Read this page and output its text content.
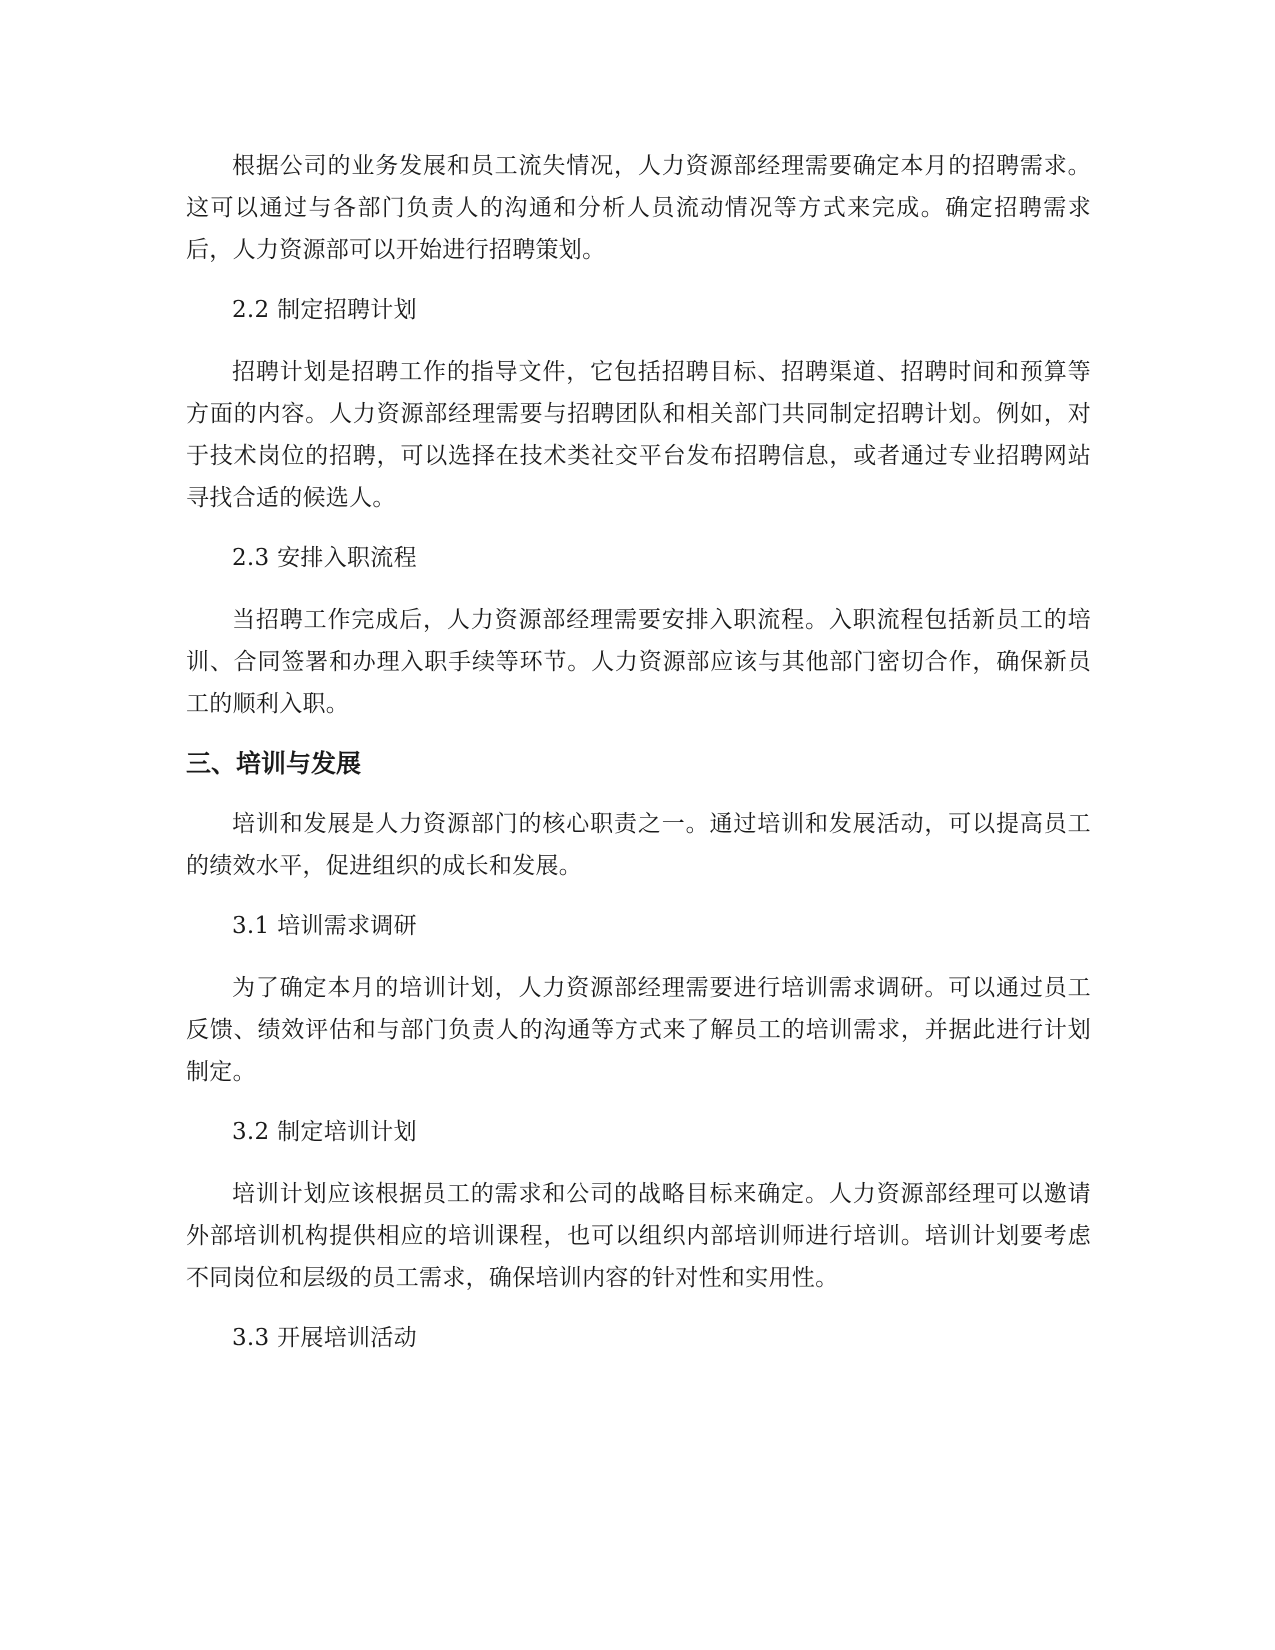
根据公司的业务发展和员工流失情况，人力资源部经理需要确定本月的招聘需求。这可以通过与各部门负责人的沟通和分析人员流动情况等方式来完成。确定招聘需求后，人力资源部可以开始进行招聘策划。

2.2 制定招聘计划

招聘计划是招聘工作的指导文件，它包括招聘目标、招聘渠道、招聘时间和预算等方面的内容。人力资源部经理需要与招聘团队和相关部门共同制定招聘计划。例如，对于技术岗位的招聘，可以选择在技术类社交平台发布招聘信息，或者通过专业招聘网站寻找合适的候选人。

2.3 安排入职流程

当招聘工作完成后，人力资源部经理需要安排入职流程。入职流程包括新员工的培训、合同签署和办理入职手续等环节。人力资源部应该与其他部门密切合作，确保新员工的顺利入职。

三、培训与发展

培训和发展是人力资源部门的核心职责之一。通过培训和发展活动，可以提高员工的绩效水平，促进组织的成长和发展。

3.1 培训需求调研

为了确定本月的培训计划，人力资源部经理需要进行培训需求调研。可以通过员工反馈、绩效评估和与部门负责人的沟通等方式来了解员工的培训需求，并据此进行计划制定。

3.2 制定培训计划

培训计划应该根据员工的需求和公司的战略目标来确定。人力资源部经理可以邀请外部培训机构提供相应的培训课程，也可以组织内部培训师进行培训。培训计划要考虑不同岗位和层级的员工需求，确保培训内容的针对性和实用性。

3.3 开展培训活动
